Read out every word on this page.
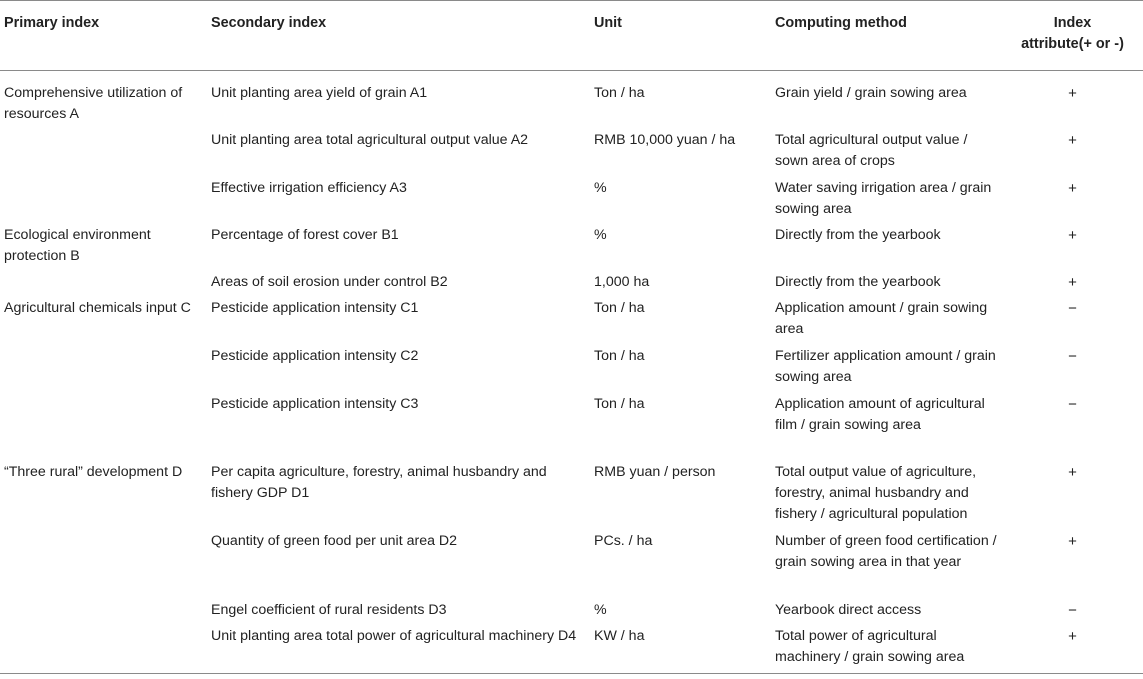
Primary index	Secondary index	Unit	Computing method	Index
attribute(+ or -)
Comprehensive utilization of resources A	Unit planting area yield of grain A1	Ton / ha	Grain yield / grain sowing area	+
	Unit planting area total agricultural output value A2	RMB 10,000 yuan / ha	Total agricultural output value / sown area of crops	+
	Effective irrigation efficiency A3	%	Water saving irrigation area / grain sowing area	+
Ecological environment protection B	Percentage of forest cover B1	%	Directly from the yearbook	+
	Areas of soil erosion under control B2	1,000 ha	Directly from the yearbook	+
Agricultural chemicals input C	Pesticide application intensity C1	Ton / ha	Application amount / grain sowing area	−
	Pesticide application intensity C2	Ton / ha	Fertilizer application amount / grain sowing area	−
	Pesticide application intensity C3	Ton / ha	Application amount of agricultural film / grain sowing area	−
“Three rural” development D	Per capita agriculture, forestry, animal husbandry and fishery GDP D1	RMB yuan / person	Total output value of agriculture, forestry, animal husbandry and fishery / agricultural population	+
	Quantity of green food per unit area D2	PCs. / ha	Number of green food certification / grain sowing area in that year	+
	Engel coefficient of rural residents D3	%	Yearbook direct access	−
	Unit planting area total power of agricultural machinery D4	KW / ha	Total power of agricultural machinery / grain sowing area	+
